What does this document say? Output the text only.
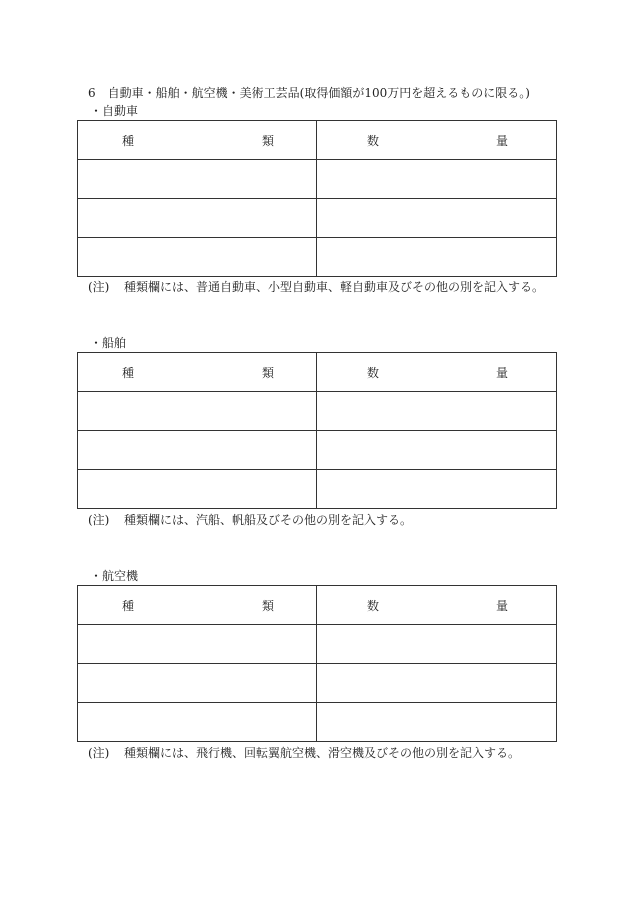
6　自動車・船舶・航空機・美術工芸品(取得価額が100万円を超えるものに限る。)
・自動車
種 類	数 量

(注) 種類欄には、普通自動車、小型自動車、軽自動車及びその他の別を記入する。
・船舶
種 類	数 量

(注) 種類欄には、汽船、帆船及びその他の別を記入する。
・航空機
種 類	数 量

(注) 種類欄には、飛行機、回転翼航空機、滑空機及びその他の別を記入する。
